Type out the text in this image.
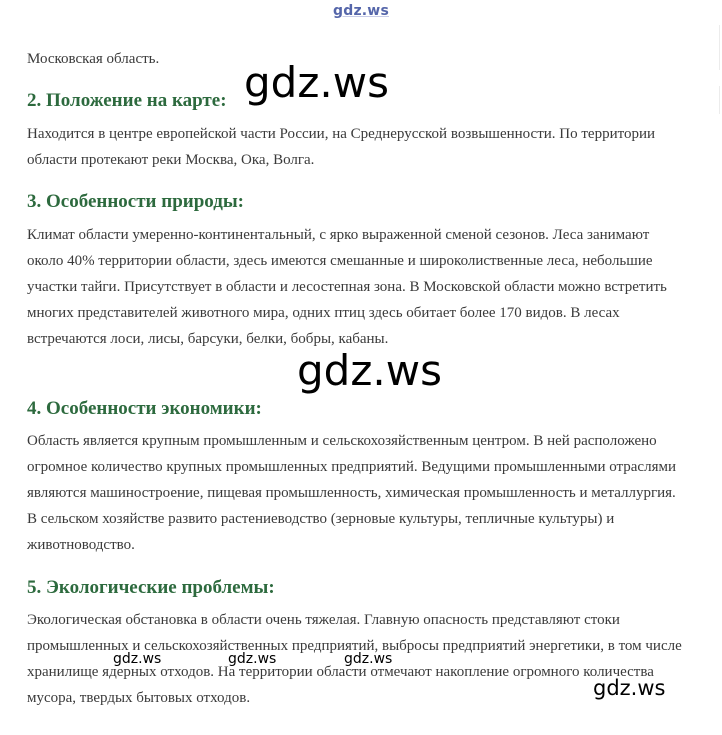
gdz.ws

Московская область.

2. Положение на карте:

Находится в центре европейской части России, на Среднерусской возвышенности. По территории области протекают реки Москва, Ока, Волга.

3. Особенности природы:

Климат области умеренно-континентальный, с ярко выраженной сменой сезонов. Леса занимают около 40% территории области, здесь имеются смешанные и широколиственные леса, небольшие участки тайги. Присутствует в области и лесостепная зона. В Московской области можно встретить многих представителей животного мира, одних птиц здесь обитает более 170 видов. В лесах встречаются лоси, лисы, барсуки, белки, бобры, кабаны.

4. Особенности экономики:

Область является крупным промышленным и сельскохозяйственным центром. В ней расположено огромное количество крупных промышленных предприятий. Ведущими промышленными отраслями являются машиностроение, пищевая промышленность, химическая промышленность и металлургия. В сельском хозяйстве развито растениеводство (зерновые культуры, тепличные культуры) и животноводство.

5. Экологические проблемы:

Экологическая обстановка в области очень тяжелая. Главную опасность представляют стоки промышленных и сельскохозяйственных предприятий, выбросы предприятий энергетики, в том числе хранилище ядерных отходов. На территории области отмечают накопление огромного количества мусора, твердых бытовых отходов.

gdz.ws
gdz.ws
gdz.ws	gdz.ws	gdz.ws
gdz.ws
